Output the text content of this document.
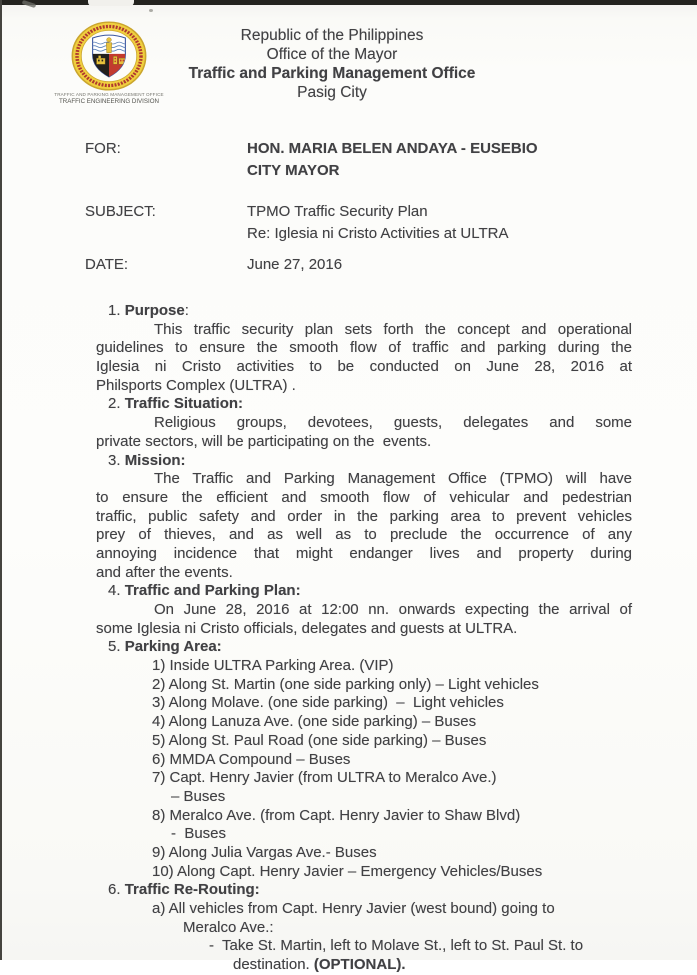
TRAFFIC AND PARKING MANAGEMENT OFFICE
TRAFFIC ENGINEERING DIVISION
Republic of the Philippines
Office of the Mayor
Traffic and Parking Management Office
Pasig City
FOR:	HON. MARIA BELEN ANDAYA - EUSEBIO
CITY MAYOR
SUBJECT:	TPMO Traffic Security Plan
Re: Iglesia ni Cristo Activities at ULTRA
DATE:	June 27, 2016
1. Purpose:
This traffic security plan sets forth the concept and operational
guidelines to ensure the smooth flow of traffic and parking during the
Iglesia ni Cristo activities to be conducted on June 28, 2016 at
Philsports Complex (ULTRA) .
2. Traffic Situation:
Religious groups, devotees, guests, delegates and some
private sectors, will be participating on the  events.
3. Mission:
The Traffic and Parking Management Office (TPMO) will have
to ensure the efficient and smooth flow of vehicular and pedestrian
traffic, public safety and order in the parking area to prevent vehicles
prey of thieves, and as well as to preclude the occurrence of any
annoying incidence that might endanger lives and property during
and after the events.
4. Traffic and Parking Plan:
On June 28, 2016 at 12:00 nn. onwards expecting the arrival of
some Iglesia ni Cristo officials, delegates and guests at ULTRA.
5. Parking Area:
1) Inside ULTRA Parking Area. (VIP)
2) Along St. Martin (one side parking only) – Light vehicles
3) Along Molave. (one side parking)  –  Light vehicles
4) Along Lanuza Ave. (one side parking) – Buses
5) Along St. Paul Road (one side parking) – Buses
6) MMDA Compound – Buses
7) Capt. Henry Javier (from ULTRA to Meralco Ave.)
– Buses
8) Meralco Ave. (from Capt. Henry Javier to Shaw Blvd)
-  Buses
9) Along Julia Vargas Ave.- Buses
10) Along Capt. Henry Javier – Emergency Vehicles/Buses
6. Traffic Re-Routing:
a) All vehicles from Capt. Henry Javier (west bound) going to
Meralco Ave.:
-  Take St. Martin, left to Molave St., left to St. Paul St. to
destination. (OPTIONAL).
